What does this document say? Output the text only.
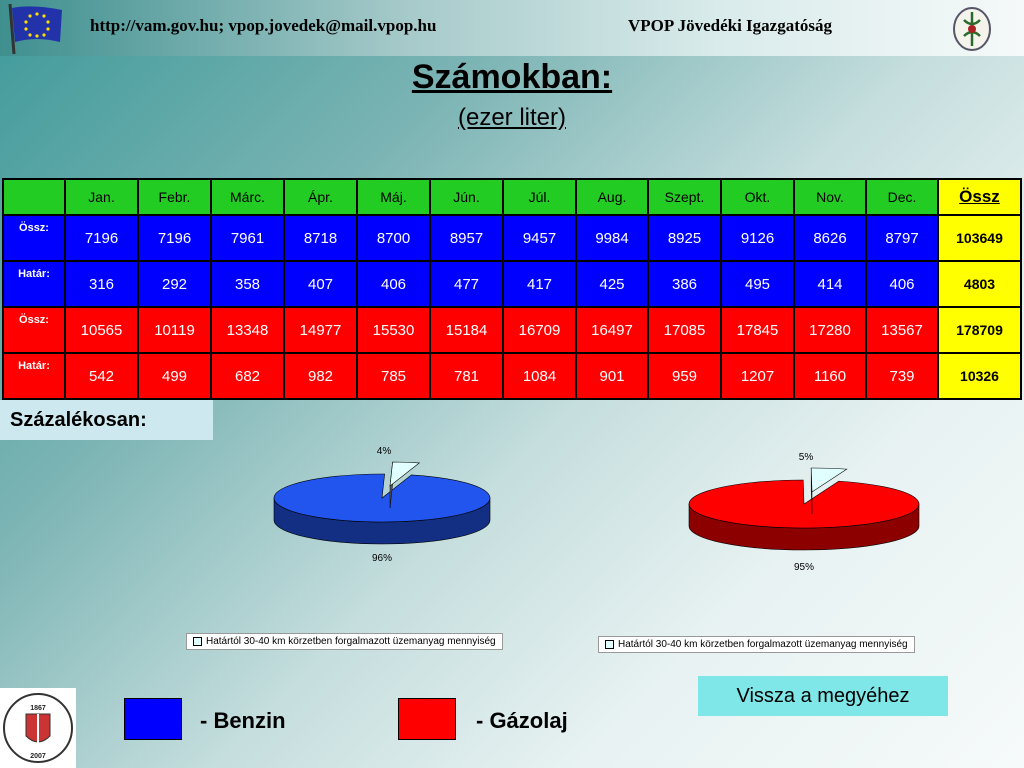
http://vam.gov.hu; vpop.jovedek@mail.vpop.hu	VPOP Jövedéki Igazgatóság
Számokban:
(ezer liter)
	Jan.	Febr.	Márc.	Ápr.	Máj.	Jún.	Júl.	Aug.	Szept.	Okt.	Nov.	Dec.	Össz
Össz:	7196	7196	7961	8718	8700	8957	9457	9984	8925	9126	8626	8797	103649
Határ:	316	292	358	407	406	477	417	425	386	495	414	406	4803
Össz:	10565	10119	13348	14977	15530	15184	16709	16497	17085	17845	17280	13567	178709
Határ:	542	499	682	982	785	781	1084	901	959	1207	1160	739	10326
Százalékosan:
4%
96%
5%
95%
Határtól 30-40 km körzetben forgalmazott üzemanyag mennyiség	Határtól 30-40 km körzetben forgalmazott üzemanyag mennyiség
Vissza a megyéhez
- Benzin	- Gázolaj
1867
2007
